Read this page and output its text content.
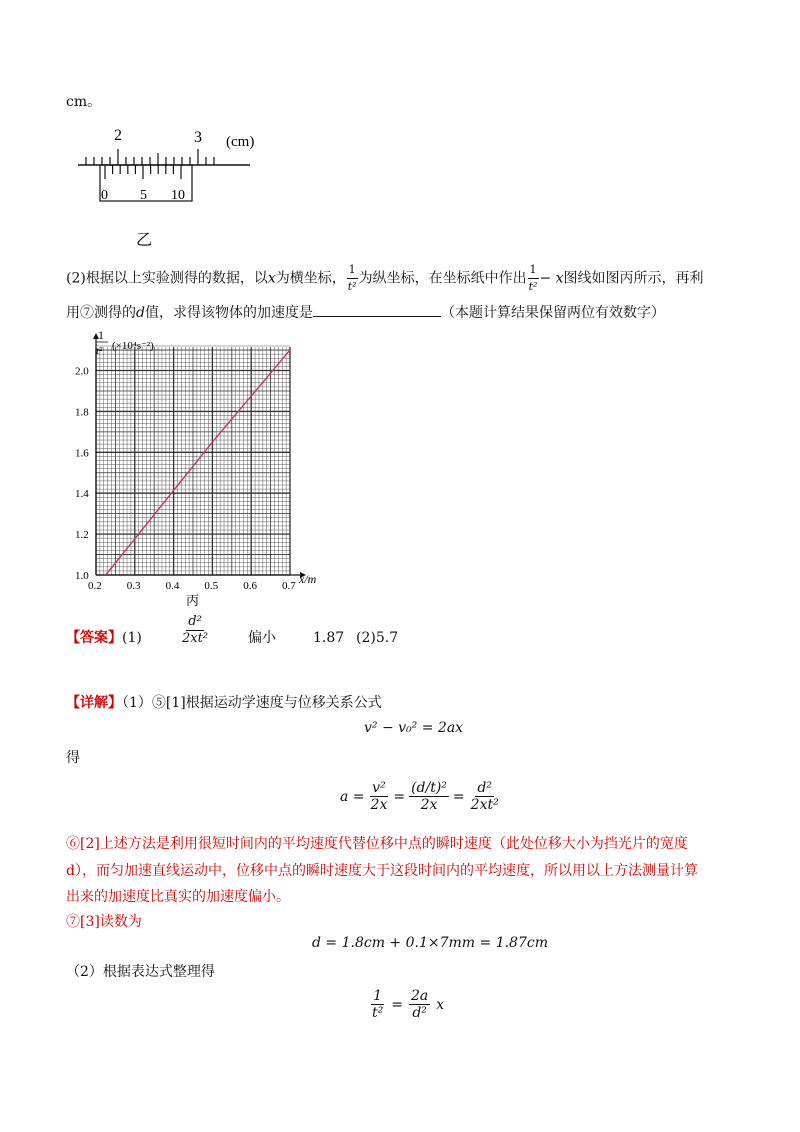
cm。
2	3 (cm)
0 5 10
乙
(2)根据以上实验测得的数据，以x为横坐标， $\frac{1}{\text{t²}}$ 为纵坐标，在坐标纸中作出 $\frac{1}{\text{t²}} - x$图线如图丙所示，再利
用⑦测得的d值，求得该物体的加速度是	（本题计算结果保留两位有效数字）
0.2 0.3 0.4 0.5 0.6 0.7
1.0
1.2
1.4
1.6
1.8
2.0
1
t² (×10⁴s⁻²)
x/m
丙
【答案】(1)	$\frac{\text{d²}}{\text{2xt²}}$	偏小	1.87 (2)5.7
【详解】（1）⑤[1]根据运动学速度与位移关系公式
v² − v₀² = 2ax
得
$a = \frac{\text{v²}}{2x} = \frac{\text{(d/t)²}}{2x} = \frac{\text{d²}}{\text{2xt²}}$
⑥[2]上述方法是利用很短时间内的平均速度代替位移中点的瞬时速度（此处位移大小为挡光片的宽度
d），而匀加速直线运动中，位移中点的瞬时速度大于这段时间内的平均速度，所以用以上方法测量计算
出来的加速度比真实的加速度偏小。
⑦[3]读数为
d = 1.8cm + 0.1×7mm = 1.87cm
（2）根据表达式整理得
$\frac{1}{\text{t²}} = \frac{2a}{\text{d²}}$ x
